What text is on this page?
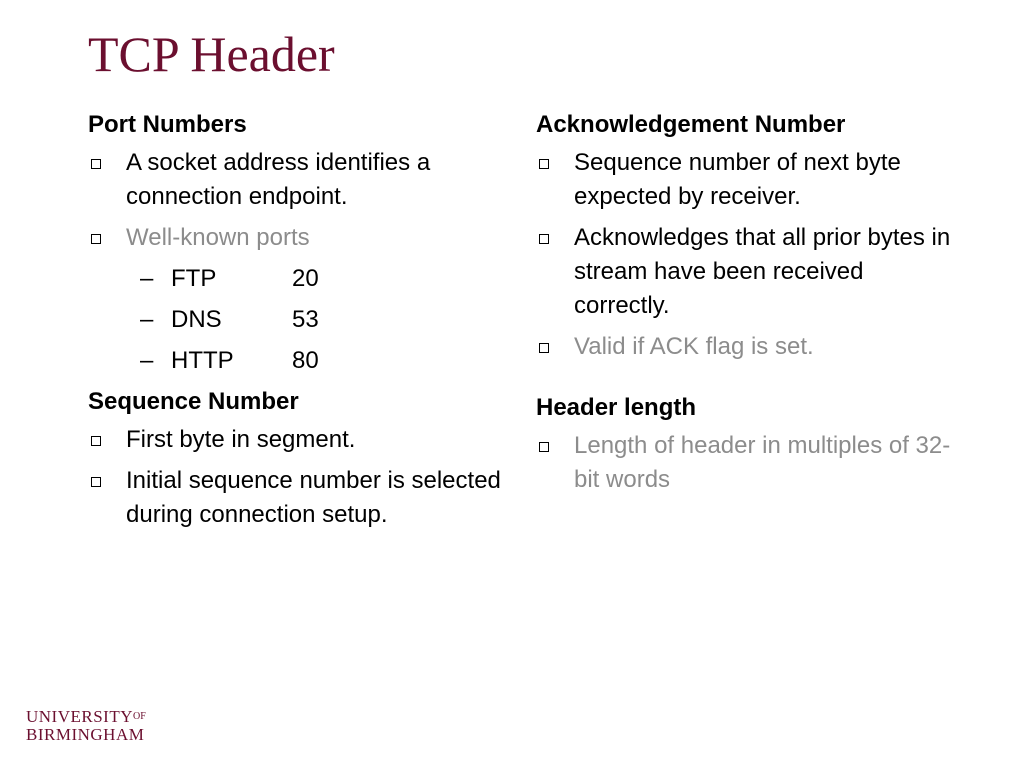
TCP Header
Port Numbers
A socket address identifies a connection endpoint.
Well-known ports
– FTP	20
– DNS	53
– HTTP 80
Sequence Number
First byte in segment.
Initial sequence number is selected during connection setup.
Acknowledgement Number
Sequence number of next byte expected by receiver.
Acknowledges that all prior bytes in stream have been received correctly.
Valid if ACK flag is set.
Header length
Length of header in multiples of 32-bit words
$UNIVERSITY^{OF}$
BIRMINGHAM
